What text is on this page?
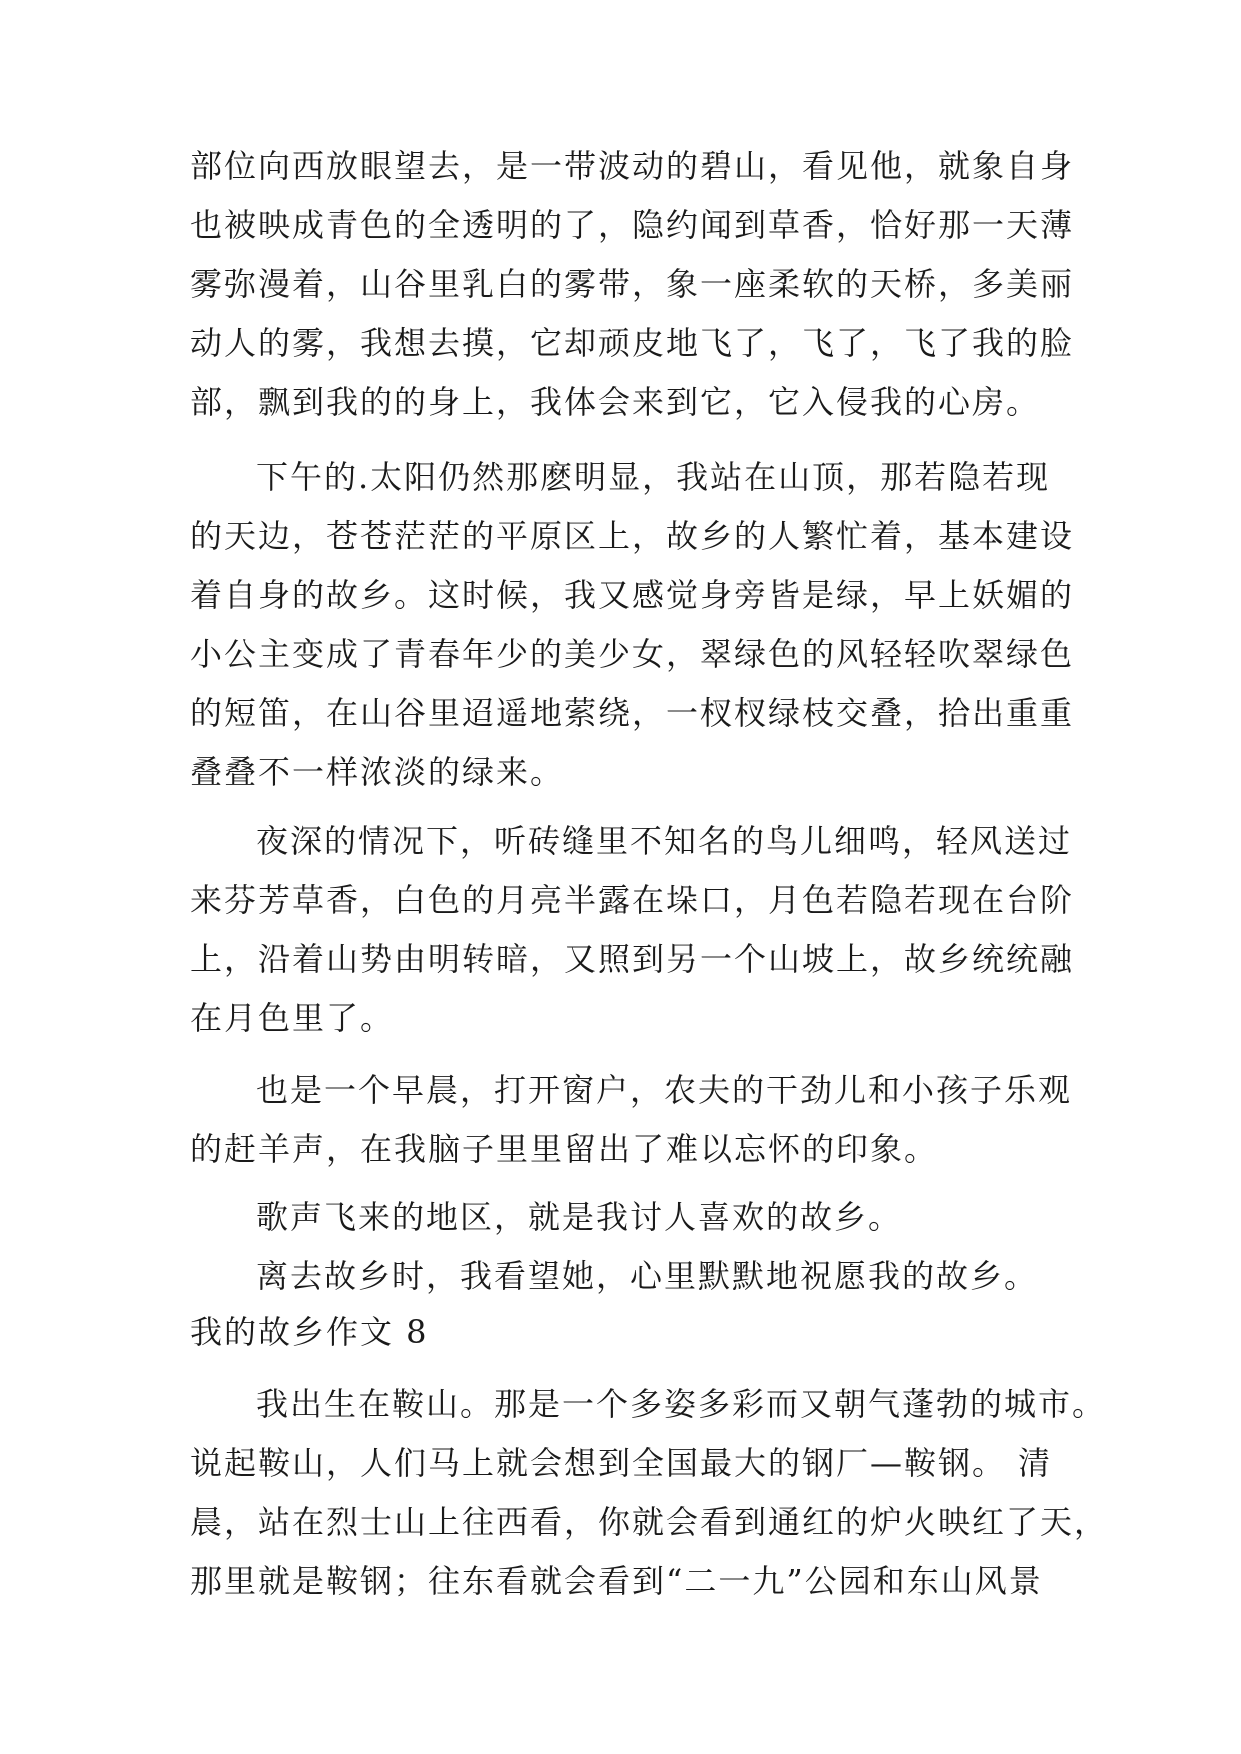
部位向西放眼望去，是一带波动的碧山，看见他，就象自身
也被映成青色的全透明的了，隐约闻到草香，恰好那一天薄
雾弥漫着，山谷里乳白的雾带，象一座柔软的天桥，多美丽
动人的雾，我想去摸，它却顽皮地飞了，飞了，飞了我的脸
部，飘到我的的身上，我体会来到它，它入侵我的心房。
下午的.太阳仍然那麽明显，我站在山顶，那若隐若现
的天边，苍苍茫茫的平原区上，故乡的人繁忙着，基本建设
着自身的故乡。这时候，我又感觉身旁皆是绿，早上妖媚的
小公主变成了青春年少的美少女，翠绿色的风轻轻吹翠绿色
的短笛，在山谷里迢遥地萦绕，一杈杈绿枝交叠，拾出重重
叠叠不一样浓淡的绿来。
夜深的情况下，听砖缝里不知名的鸟儿细鸣，轻风送过
来芬芳草香，白色的月亮半露在垛口，月色若隐若现在台阶
上，沿着山势由明转暗，又照到另一个山坡上，故乡统统融
在月色里了。
也是一个早晨，打开窗户，农夫的干劲儿和小孩子乐观
的赶羊声，在我脑子里里留出了难以忘怀的印象。
歌声飞来的地区，就是我讨人喜欢的故乡。
离去故乡时，我看望她，心里默默地祝愿我的故乡。
我的故乡作文 8
我出生在鞍山。那是一个多姿多彩而又朝气蓬勃的城市。
说起鞍山，人们马上就会想到全国最大的钢厂—鞍钢。 清
晨，站在烈士山上往西看，你就会看到通红的炉火映红了天，
那里就是鞍钢；往东看就会看到“二一九”公园和东山风景
